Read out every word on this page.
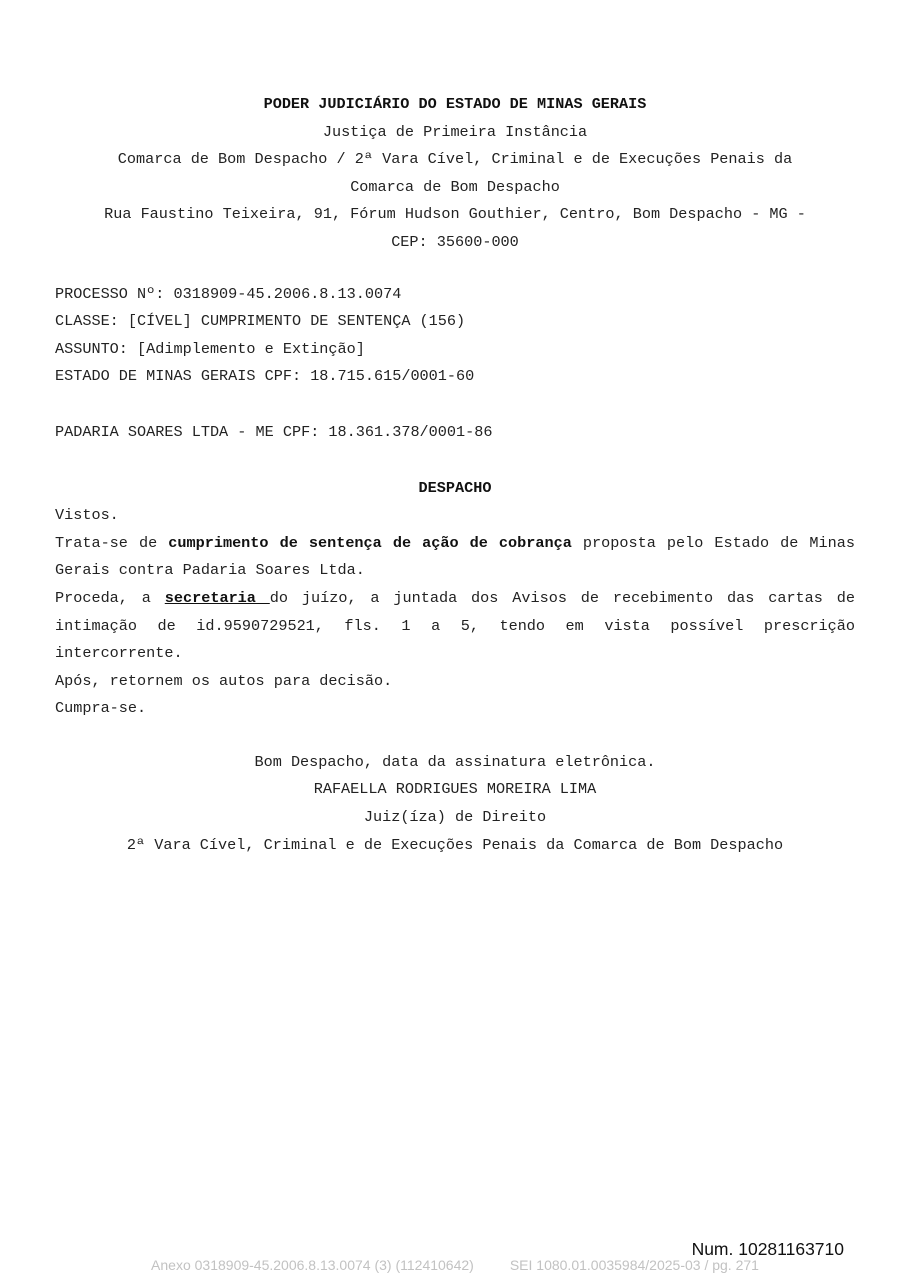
PODER JUDICIÁRIO DO ESTADO DE MINAS GERAIS
Justiça de Primeira Instância
Comarca de Bom Despacho / 2ª Vara Cível, Criminal e de Execuções Penais da
Comarca de Bom Despacho
Rua Faustino Teixeira, 91, Fórum Hudson Gouthier, Centro, Bom Despacho - MG -
CEP: 35600-000
PROCESSO Nº: 0318909-45.2006.8.13.0074
CLASSE: [CÍVEL] CUMPRIMENTO DE SENTENÇA (156)
ASSUNTO: [Adimplemento e Extinção]
ESTADO DE MINAS GERAIS CPF: 18.715.615/0001-60
PADARIA SOARES LTDA - ME CPF: 18.361.378/0001-86
DESPACHO
Vistos.
Trata-se de cumprimento de sentença de ação de cobrança proposta pelo Estado de Minas Gerais contra Padaria Soares Ltda.
Proceda, a secretaria do juízo, a juntada dos Avisos de recebimento das cartas de intimação de id.9590729521, fls. 1 a 5, tendo em vista possível prescrição intercorrente.
Após, retornem os autos para decisão.
Cumpra-se.
Bom Despacho, data da assinatura eletrônica.
RAFAELLA RODRIGUES MOREIRA LIMA
Juiz(íza) de Direito
2ª Vara Cível, Criminal e de Execuções Penais da Comarca de Bom Despacho
Num. 10281163710
Anexo 0318909-45.2006.8.13.0074 (3) (112410642)	SEI 1080.01.0035984/2025-03 / pg. 271
